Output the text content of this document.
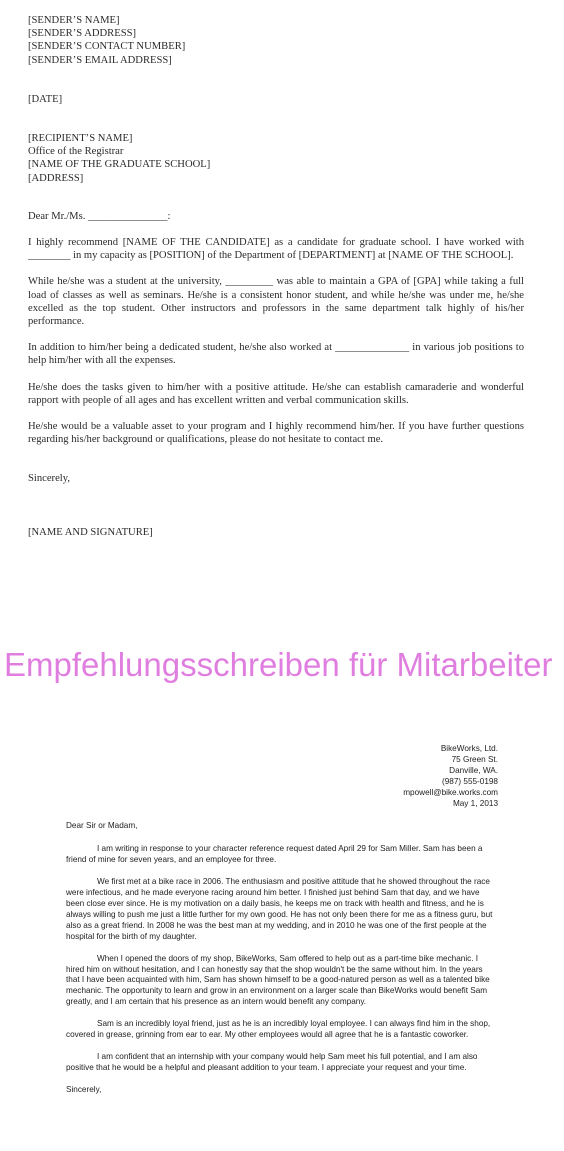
[SENDER’S NAME]
[SENDER’S ADDRESS]
[SENDER’S CONTACT NUMBER]
[SENDER’S EMAIL ADDRESS]
[DATE]
[RECIPIENT’S NAME]
Office of the Registrar
[NAME OF THE GRADUATE SCHOOL]
[ADDRESS]
Dear Mr./Ms. _______________:

I highly recommend [NAME OF THE CANDIDATE] as a candidate for graduate school. I have worked with ________ in my capacity as [POSITION] of the Department of [DEPARTMENT] at [NAME OF THE SCHOOL].

While he/she was a student at the university, _________ was able to maintain a GPA of [GPA] while taking a full load of classes as well as seminars. He/she is a consistent honor student, and while he/she was under me, he/she excelled as the top student. Other instructors and professors in the same department talk highly of his/her performance.

In addition to him/her being a dedicated student, he/she also worked at ______________ in various job positions to help him/her with all the expenses.

He/she does the tasks given to him/her with a positive attitude. He/she can establish camaraderie and wonderful rapport with people of all ages and has excellent written and verbal communication skills.

He/she would be a valuable asset to your program and I highly recommend him/her. If you have further questions regarding his/her background or qualifications, please do not hesitate to contact me.

Sincerely,
[NAME AND SIGNATURE]
Empfehlungsschreiben für Mitarbeiter
BikeWorks, Ltd.
75 Green St.
Danville, WA.
(987) 555-0198
mpowell@bike.works.com
May 1, 2013

Dear Sir or Madam,

I am writing in response to your character reference request dated April 29 for Sam Miller. Sam has been a friend of mine for seven years, and an employee for three.

We first met at a bike race in 2006. The enthusiasm and positive attitude that he showed throughout the race were infectious, and he made everyone racing around him better. I finished just behind Sam that day, and we have been close ever since. He is my motivation on a daily basis, he keeps me on track with health and fitness, and he is always willing to push me just a little further for my own good. He has not only been there for me as a fitness guru, but also as a great friend. In 2008 he was the best man at my wedding, and in 2010 he was one of the first people at the hospital for the birth of my daughter.

When I opened the doors of my shop, BikeWorks, Sam offered to help out as a part-time bike mechanic. I hired him on without hesitation, and I can honestly say that the shop wouldn't be the same without him. In the years that I have been acquainted with him, Sam has shown himself to be a good-natured person as well as a talented bike mechanic. The opportunity to learn and grow in an environment on a larger scale than BikeWorks would benefit Sam greatly, and I am certain that his presence as an intern would benefit any company.

Sam is an incredibly loyal friend, just as he is an incredibly loyal employee. I can always find him in the shop, covered in grease, grinning from ear to ear. My other employees would all agree that he is a fantastic coworker.

I am confident that an internship with your company would help Sam meet his full potential, and I am also positive that he would be a helpful and pleasant addition to your team. I appreciate your request and your time.

Sincerely,
